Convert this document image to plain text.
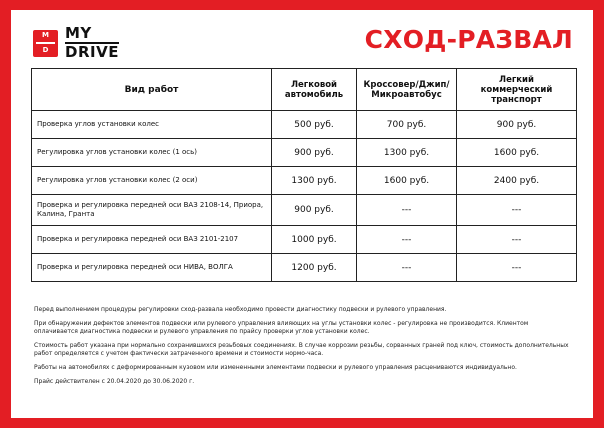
M
D
MY
DRIVE	СХОД-РАЗВАЛ
Вид работ	Легковой автомобиль	Кроссовер/Джип/ Микроавтобус	Легкий коммерческий транспорт
Проверка углов установки колес	500 руб.	700 руб.	900 руб.
Регулировка углов установки колес (1 ось)	900 руб.	1300 руб.	1600 руб.
Регулировка углов установки колес (2 оси)	1300 руб.	1600 руб.	2400 руб.
Проверка и регулировка передней оси ВАЗ 2108-14, Приора, Калина, Гранта	900 руб.	---	---
Проверка и регулировка передней оси ВАЗ 2101-2107	1000 руб.	---	---
Проверка и регулировка передней оси НИВА, ВОЛГА	1200 руб.	---	---

Перед выполнением процедуры регулировки сход-развала необходимо провести диагностику подвески и рулевого управления.

При обнаружении дефектов элементов подвески или рулевого управления влияющих на углы установки колес - регулировка не производится. Клиентом оплачивается диагностика подвески и рулевого управления по прайсу проверки углов установки колес.

Стоимость работ указана при нормально сохранившихся резьбовых соединениях. В случае коррозии резьбы, сорванных граней под ключ, стоимость дополнительных работ определяется с учетом фактически затраченного времени и стоимости нормо-часа.

Работы на автомобилях с деформированным кузовом или измененными элементами подвески и рулевого управления расцениваются индивидуально.

Прайс действителен с 20.04.2020 до 30.06.2020 г.
